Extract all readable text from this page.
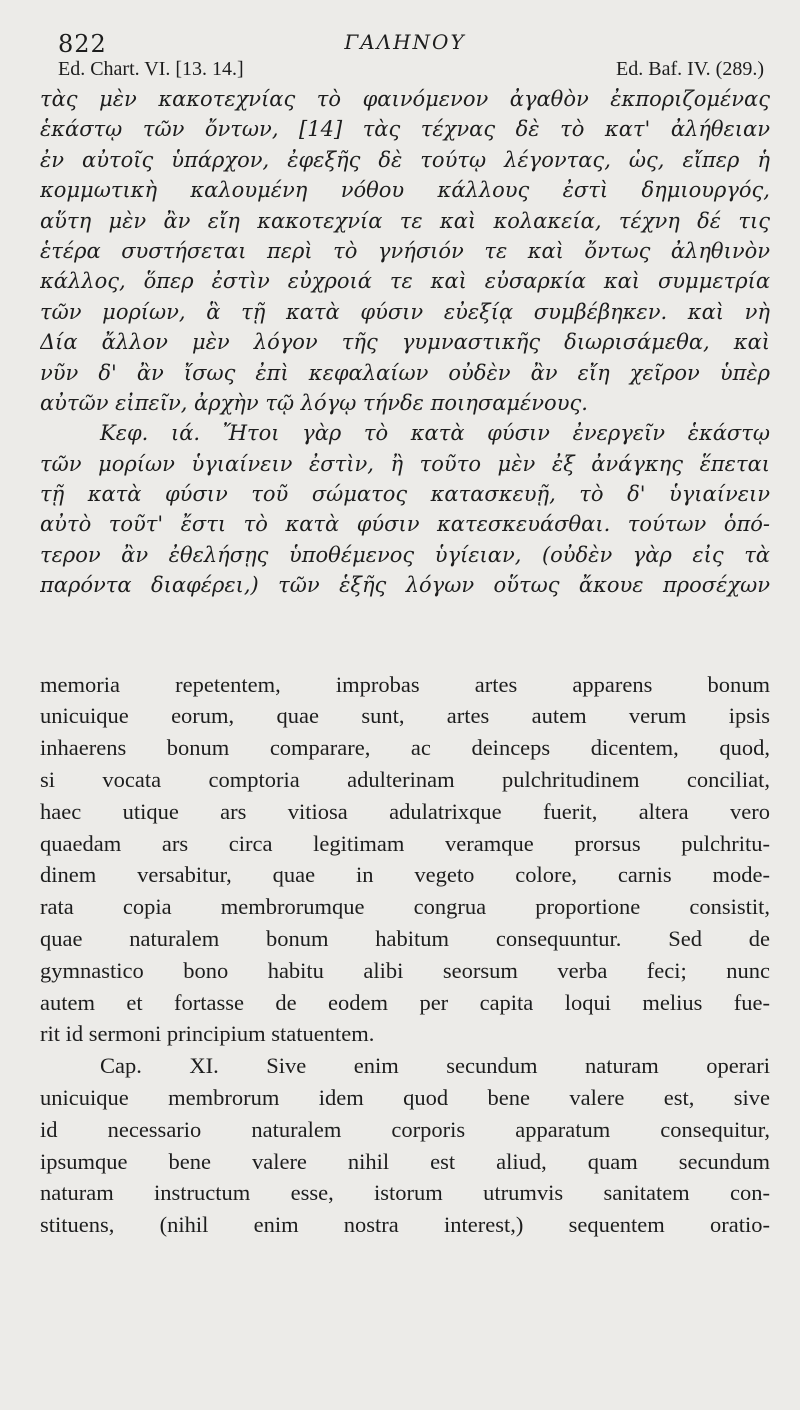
822	ΓΑΛΗΝΟΥ
Ed. Chart. VI. [13. 14.]	Ed. Baf. IV. (289.)
τὰς μὲν κακοτεχνίας τὸ φαινόμενον ἀγαθὸν ἐκποριζομένας
ἑκάστῳ τῶν ὄντων, [14] τὰς τέχνας δὲ τὸ κατ' ἀλήθειαν
ἐν αὐτοῖς ὑπάρχον, ἐφεξῆς δὲ τούτῳ λέγοντας, ὡς, εἴπερ ἡ
κομμωτικὴ καλουμένη νόθου κάλλους ἐστὶ δημιουργός,
αὕτη μὲν ἂν εἴη κακοτεχνία τε καὶ κολακεία, τέχνη δέ τις
ἑτέρα συστήσεται περὶ τὸ γνήσιόν τε καὶ ὄντως ἀληθινὸν
κάλλος, ὅπερ ἐστὶν εὐχροιά τε καὶ εὐσαρκία καὶ συμμετρία
τῶν μορίων, ἃ τῇ κατὰ φύσιν εὐεξίᾳ συμβέβηκεν. καὶ νὴ
Δία ἄλλον μὲν λόγον τῆς γυμναστικῆς διωρισάμεθα, καὶ
νῦν δ' ἂν ἴσως ἐπὶ κεφαλαίων οὐδὲν ἂν εἴη χεῖρον ὑπὲρ
αὐτῶν εἰπεῖν, ἀρχὴν τῷ λόγῳ τήνδε ποιησαμένους.
Κεφ. ιά. Ἤτοι γὰρ τὸ κατὰ φύσιν ἐνεργεῖν ἑκάστῳ
τῶν μορίων ὑγιαίνειν ἐστὶν, ἢ τοῦτο μὲν ἐξ ἀνάγκης ἕπεται
τῇ κατὰ φύσιν τοῦ σώματος κατασκευῇ, τὸ δ' ὑγιαίνειν
αὐτὸ τοῦτ' ἔστι τὸ κατὰ φύσιν κατεσκευάσθαι. τούτων ὁπό-
τερον ἂν ἐθελήσῃς ὑποθέμενος ὑγίειαν, (οὐδὲν γὰρ εἰς τὰ
παρόντα διαφέρει,) τῶν ἑξῆς λόγων οὕτως ἄκουε προσέχων
memoria repetentem, improbas artes apparens bonum
unicuique eorum, quae sunt, artes autem verum ipsis
inhaerens bonum comparare, ac deinceps dicentem, quod,
si vocata comptoria adulterinam pulchritudinem conciliat,
haec utique ars vitiosa adulatrixque fuerit, altera vero
quaedam ars circa legitimam veramque prorsus pulchritu-
dinem versabitur, quae in vegeto colore, carnis mode-
rata copia membrorumque congrua proportione consistit,
quae naturalem bonum habitum consequuntur. Sed de
gymnastico bono habitu alibi seorsum verba feci; nunc
autem et fortasse de eodem per capita loqui melius fue-
rit id sermoni principium statuentem.
Cap. XI. Sive enim secundum naturam operari
unicuique membrorum idem quod bene valere est, sive
id necessario naturalem corporis apparatum consequitur,
ipsumque bene valere nihil est aliud, quam secundum
naturam instructum esse, istorum utrumvis sanitatem con-
stituens, (nihil enim nostra interest,) sequentem oratio-
